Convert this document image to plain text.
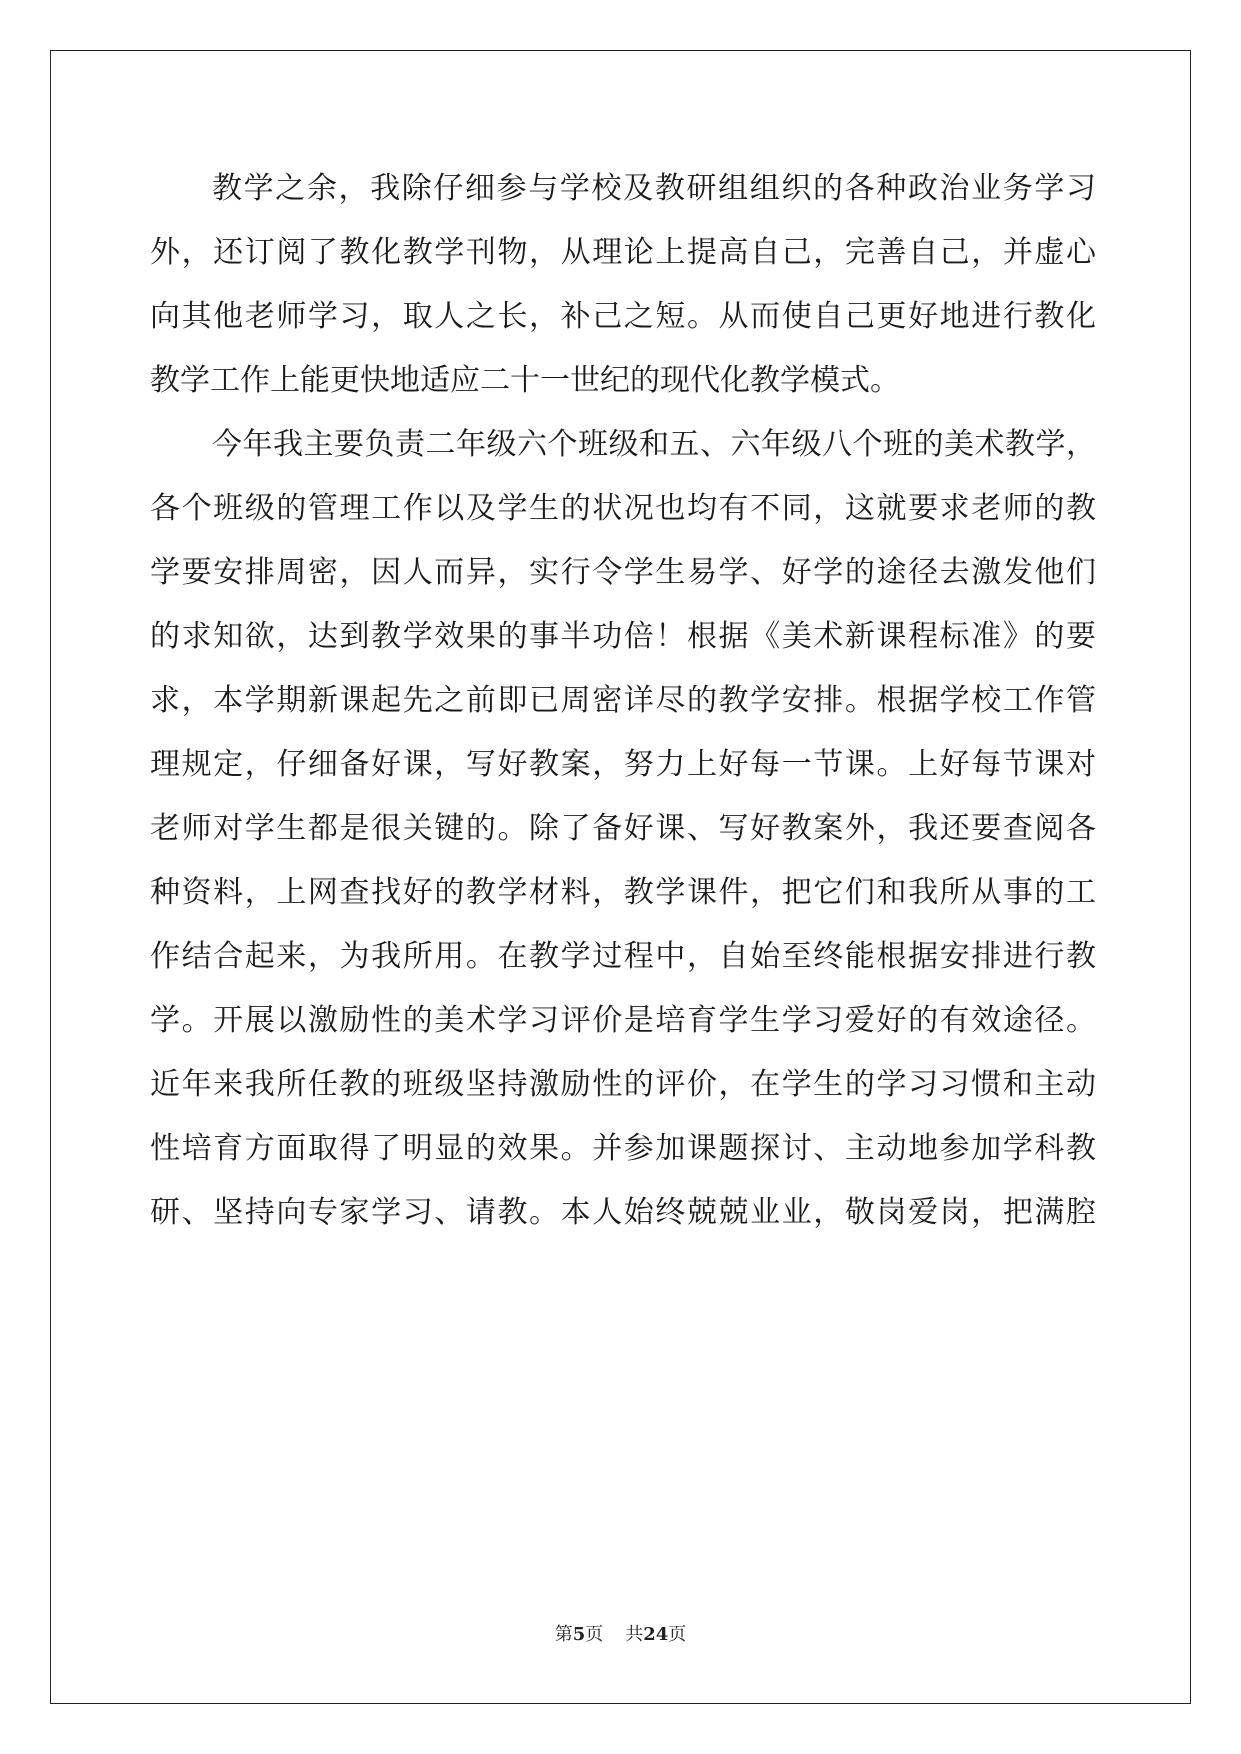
教学之余，我除仔细参与学校及教研组组织的各种政治业务学习
外，还订阅了教化教学刊物，从理论上提高自己，完善自己，并虚心
向其他老师学习，取人之长，补己之短。从而使自己更好地进行教化
教学工作上能更快地适应二十一世纪的现代化教学模式。
今年我主要负责二年级六个班级和五、六年级八个班的美术教学，
各个班级的管理工作以及学生的状况也均有不同，这就要求老师的教
学要安排周密，因人而异，实行令学生易学、好学的途径去激发他们
的求知欲，达到教学效果的事半功倍！根据《美术新课程标准》的要
求，本学期新课起先之前即已周密详尽的教学安排。根据学校工作管
理规定，仔细备好课，写好教案，努力上好每一节课。上好每节课对
老师对学生都是很关键的。除了备好课、写好教案外，我还要查阅各
种资料，上网查找好的教学材料，教学课件，把它们和我所从事的工
作结合起来，为我所用。在教学过程中，自始至终能根据安排进行教
学。开展以激励性的美术学习评价是培育学生学习爱好的有效途径。
近年来我所任教的班级坚持激励性的评价，在学生的学习习惯和主动
性培育方面取得了明显的效果。并参加课题探讨、主动地参加学科教
研、坚持向专家学习、请教。本人始终兢兢业业，敬岗爱岗，把满腔
第5页 共24页
